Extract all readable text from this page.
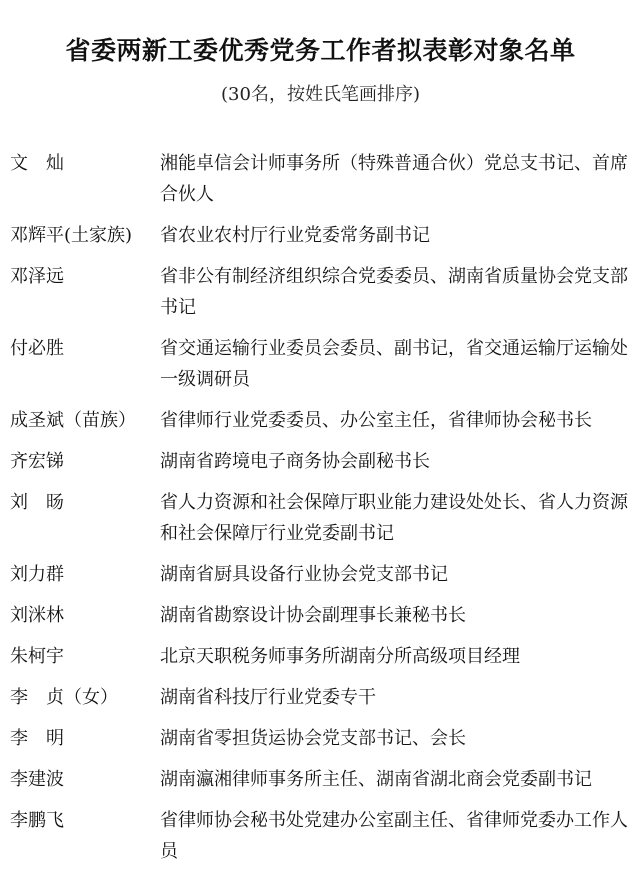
省委两新工委优秀党务工作者拟表彰对象名单
(30名，按姓氏笔画排序)
文　灿	湘能卓信会计师事务所（特殊普通合伙）党总支书记、首席合伙人
邓辉平(土家族)	省农业农村厅行业党委常务副书记
邓泽远	省非公有制经济组织综合党委委员、湖南省质量协会党支部书记
付必胜	省交通运输行业委员会委员、副书记，省交通运输厅运输处一级调研员
成圣斌（苗族）	省律师行业党委委员、办公室主任，省律师协会秘书长
齐宏锑	湖南省跨境电子商务协会副秘书长
刘　旸	省人力资源和社会保障厅职业能力建设处处长、省人力资源和社会保障厅行业党委副书记
刘力群	湖南省厨具设备行业协会党支部书记
刘洣林	湖南省勘察设计协会副理事长兼秘书长
朱柯宇	北京天职税务师事务所湖南分所高级项目经理
李　贞（女）	湖南省科技厅行业党委专干
李　明	湖南省零担货运协会党支部书记、会长
李建波	湖南瀛湘律师事务所主任、湖南省湖北商会党委副书记
李鹏飞	省律师协会秘书处党建办公室副主任、省律师党委办工作人员
